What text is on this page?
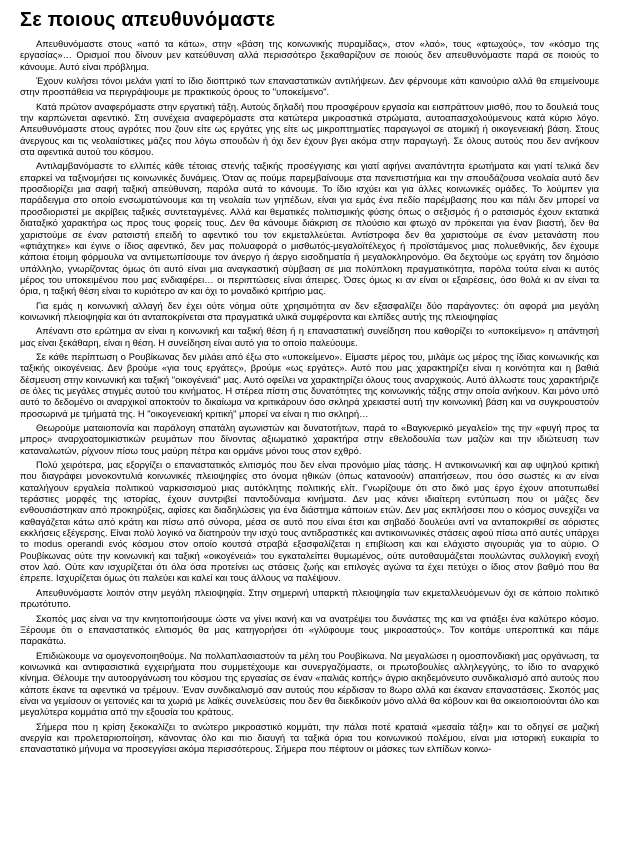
Σε ποιους απευθυνόμαστε

Απευθυνόμαστε στους «από τα κάτω», στην «βάση της κοινωνικής πυραμίδας», στον «λαό», τους «φτωχούς», τον «κόσμο της εργασίας»… Ορισμοί που δίνουν μεν κατεύθυνση αλλά περισσότερο ξεκαθαρίζουν σε ποιούς δεν απευθυνόμαστε παρά σε ποιούς το κάνουμε. Αυτό είναι πρόβλημα.

Έχουν κυλήσει τόνοι μελάνι γιατί το ίδιο διοπτρικό των επαναστατικών αντιλήψεων. Δεν φέρνουμε κάτι καινούριο αλλά θα επιμείνουμε στην προσπάθεια να περιγράψουμε με πρακτικούς όρους το "υποκείμενο".

Κατά πρώτον αναφερόμαστε στην εργατική τάξη. Αυτούς δηλαδή που προσφέρουν εργασία και εισπράττουν μισθό, που το δουλειά τους την καρπώνεται αφεντικό. Στη συνέχεια αναφερόμαστε στα κατώτερα μικροαστικά στρώματα, αυτοαπασχολούμενους κατά κύριο λόγο. Απευθυνόμαστε στους αγρότες που ζουν είτε ως εργάτες γης είτε ως μικροπτηματίες παραγωγοί σε ατομική ή οικογενειακή βάση. Στους άνεργους και τις νεολαιίστικες μάζες που λόγω σπουδών ή όχι δεν έχουν βγει ακόμα στην παραγωγή. Σε όλους αυτούς που δεν ανήκουν στα αφεντικά αυτού του κόσμου.

Αντιλαμβανόμαστε το ελλιπές κάθε τέτοιας στενής ταξικής προσέγγισης και γιατί αφήνει αναπάντητα ερωτήματα και γιατί τελικά δεν επαρκεί να ταξινομήσει τις κοινωνικές δυνάμεις. Όταν ας πούμε παρεμβαίνουμε στα πανεπιστήμια και την σπουδάζουσα νεολαία αυτό δεν προσδιορίζει μια σαφή ταξική απεύθυνση, παρόλα αυτά το κάνουμε. Το ίδιο ισχύει και για άλλες κοινωνικές ομάδες. Το λούμπεν για παράδειγμα στο οποίο ενσωματώνουμε και τη νεολαία των γηπέδων, είναι για εμάς ένα πεδίο παρέμβασης που και πάλι δεν μπορεί να προσδιοριστεί με ακρίβεις ταξικές συντεταγμένες. Αλλά και θεματικές πολιτισμικής φύσης όπως ο σεξισμός ή ο ρατσισμός έχουν εκτατικά διαταξικό χαρακτήρα ως προς τους φορείς τους. Δεν θα κάνουμε διάκριση σε πλούσιο και φτωχό αν πρόκειται για έναν βιαστή, δεν θα χαριστούμε σε έναν ρατσιστή επειδή το αφεντικό του τον εκμεταλλεύεται. Αντίστροφα δεν θα χαριστούμε σε έναν μετανάστη που «φτιάχτηκε» και έγινε ο ίδιος αφεντικό, δεν μας πολυαφορά ο μισθωτός-μεγαλοϊτέλεχος ή προϊστάμενος μιας πολυεθνικής, δεν έχουμε κάποια έτοιμη φόρμουλα να αντιμετωπίσουμε τον άνεργο ή άεργο εισοδηματία ή μεγαλοκληρονόμο. Θα δεχτούμε ως εργάτη τον δημόσιο υπάλληλο, γνωρίζοντας όμως ότι αυτό είναι μια αναγκαστική σύμβαση σε μια πολύπλοκη πραγματικότητα, παρόλα τούτα είναι κι αυτός μέρος του υποκειμένου που μας ενδιαφέρει… οι περιπτώσεις είναι άπειρες. Όσες όμως κι αν είναι οι εξαιρέσεις, όσο θολά κι αν είναι τα όρια, η ταξική θέση είναι το κυριότερο αν και όχι το μοναδικό κριτήριο μας.

Για εμάς η κοινωνική αλλαγή δεν έχει ούτε νόημα ούτε χρησιμότητα αν δεν εξασφαλίζει δύο παράγοντες: ότι αφορά μια μεγάλη κοινωνική πλειοψηφία και ότι ανταποκρίνεται στα πραγματικά υλικά συμφέροντα και ελπίδες αυτής της πλειοψηφίας

Απέναντι στο ερώτημα αν είναι η κοινωνική και ταξική θέση ή η επαναστατική συνείδηση που καθορίζει το «υποκείμενο» η απάντησή μας είναι ξεκάθαρη, είναι η θέση. Η συνείδηση είναι αυτό για το οποίο παλεύουμε.

Σε κάθε περίπτωση ο Ρουβίκωνας δεν μιλάει από έξω στο «υποκείμενο». Είμαστε μέρος του, μιλάμε ως μέρος της ίδιας κοινωνικής και ταξικής οικογένειας. Δεν βρούμε «για τους εργάτες», βρούμε «ως εργάτες». Αυτό που μας χαρακτηρίζει είναι η κοινότητα και η βαθιά δέσμευση στην κοινωνική και ταξική "οικογένειά" μας. Αυτό οφείλει να χαρακτηρίζει όλους τους αναρχικούς. Αυτό άλλωστε τους χαρακτήριζε σε όλες τις μεγάλες στιγμές αυτού του κινήματος. Η στέρεα πίστη στις δυνατότητες της κοινωνικής τάξης στην οποία ανήκουν. Και μόνο υπό αυτό το δεδομένο οι αναρχικοί αποκτούν το δικαίωμα να κριτικάρουν όσο σκληρά χρειαστεί αυτή την κοινωνική βάση και να συγκρουστούν προσωρινά με τμήματά της. Η "οικογενειακή κριτική" μπορεί να είναι η πιο σκληρή…

Θεωρούμε ματαιοπονία και παράλογη σπατάλη αγωνιστών και δυνατοτήτων, παρά το «Βαγκνερικό μεγαλείο» της την «φυγή προς τα μπρος» αναρχοατομικιστικών ρευμάτων που δίνοντας αξιωματικό χαρακτήρα στην εθελοδουλία των μαζών και την ιδιώτευση των καταναλωτών, ρίχνουν πίσω τους μαύρη πέτρα και ορμάνε μόνοι τους στον εχθρό.

Πολύ χειρότερα, μας εξοργίζει ο επαναστατικός ελιτισμός που δεν είναι προνόμιο μίας τάσης. Η αντικοινωνική και αφ υψηλού κριτική που διαγράφει μονοκοντυλιά κοινωνικές πλειοψηφίες στο όνομα ηθικών (όπως κατανοούν) απαιτήσεων, που όσο σωστές κι αν είναι καταλήγουν εργαλεία πολιτικού ναρκισσισμού μιας αυτόκλητης πολιτικής ελίτ. Γνωρίζουμε ότι στο δικό μας έργο έχουν αποτυπωθεί τεράστιες μορφές της ιστορίας, έχουν συντριβεί παντοδύναμα κινήματα. Δεν μας κάνει ιδιαίτερη εντύπωση που οι μάζες δεν ενθουσιάστηκαν από προκηρύξεις, αφίσες και διαδηλώσεις για ένα διάστημα κάποιων ετών. Δεν μας εκπλήσσει που ο κόσμος συνεχίζει να καθαγάζεται κάτω από κράτη και πίσω από σύνορα, μέσα σε αυτό που είναι έτσι και σηβαδό δουλεύει αντί να ανταποκριθεί σε αόριστες εκκλήσεις εξέγερσης. Είναι πολύ λογικό να διατηρούν την ισχύ τους αντιδραστικές και αντικοινωνικές στάσεις αφού πίσω από αυτές υπάρχει το modus operandi ενός κόσμου στον οποίο κουτσά στραβά εξασφαλίζεται η επιβίωση και και ελάχιστο σιγουριάς για το αύριο. Ο Ρουβίκωνας ούτε την κοινωνική και ταξική «οικογένειά» του εγκαταλείπει θυμωμένος, ούτε αυτοθαυμάζεται πουλώντας συλλογική ενοχή στον λαό. Ούτε καν ισχυρίζεται ότι όλα όσα προτείνει ως στάσεις ζωής και επιλογές αγώνα τα έχει πετύχει ο ίδιος στον βαθμό που θα έπρεπε. Ισχυρίζεται όμως ότι παλεύει και καλεί και τους άλλους να παλέψουν.

Απευθυνόμαστε λοιπόν στην μεγάλη πλειοψηφία. Στην σημερινή υπαρκτή πλειοψηφία των εκμεταλλευόμενων όχι σε κάποιο πολιτικό πρωτότυπο.

Σκοπός μας είναι να την κινητοποιήσουμε ώστε να γίνει ικανή και να ανατρέψει του δυνάστες της και να φτιάξει ένα καλύτερο κόσμο. Ξέρουμε ότι ο επαναστατικός ελιτισμός θα μας κατηγορήσει ότι «γλύφουμε τους μικροαστούς». Τον κοιτάμε υπεροπτικά και πάμε παρακάτω.

Επιδιώκουμε να ομογενοποιηθούμε. Να πολλαπλασιαστούν τα μέλη του Ρουβίκωνα. Να μεγαλώσει η ομοσπονδιακή μας οργάνωση, τα κοινωνικά και αντιφασιστικά εγχειρήματα που συμμετέχουμε και συνεργαζόμαστε, οι πρωτοβουλίες αλληλεγγύης, το ίδιο το αναρχικό κίνημα. Θέλουμε την αυτοοργάνωση του κόσμου της εργασίας σε έναν «παλιάς κοπής» άγριο ακηδεμόνευτο συνδικαλισμό από αυτούς που κάποτε έκανε τα αφεντικά να τρέμουν. Έναν συνδικαλισμό σαν αυτούς που κέρδισαν το 8ωρο αλλά και έκαναν επαναστάσεις. Σκοπός μας είναι να γεμίσουν οι γειτονιές και τα χωριά με λαϊκές συνελεύσεις που δεν θα διεκδικούν μόνο αλλά θα κόβουν και θα οικειοποιούνται όλο και μεγαλύτερα κομμάτια από την εξουσία του κράτους.

Σήμερα που η κρίση ξεκοκαλίζει το ανώτερο μικροαστικό κομμάτι, την πάλαι ποτέ κραταιά «μεσαία τάξη» και το οδηγεί σε μαζική ανεργία και προλεταριοποίηση, κάνοντας όλο και πιο διαυγή τα ταξικά όρια του κοινωνικού πολέμου, είναι μια ιστορική ευκαιρία το επαναστατικό μήνυμα να προσεγγίσει ακόμα περισσότερους. Σήμερα που πέφτουν οι μάσκες των ελπίδων κοινω-
